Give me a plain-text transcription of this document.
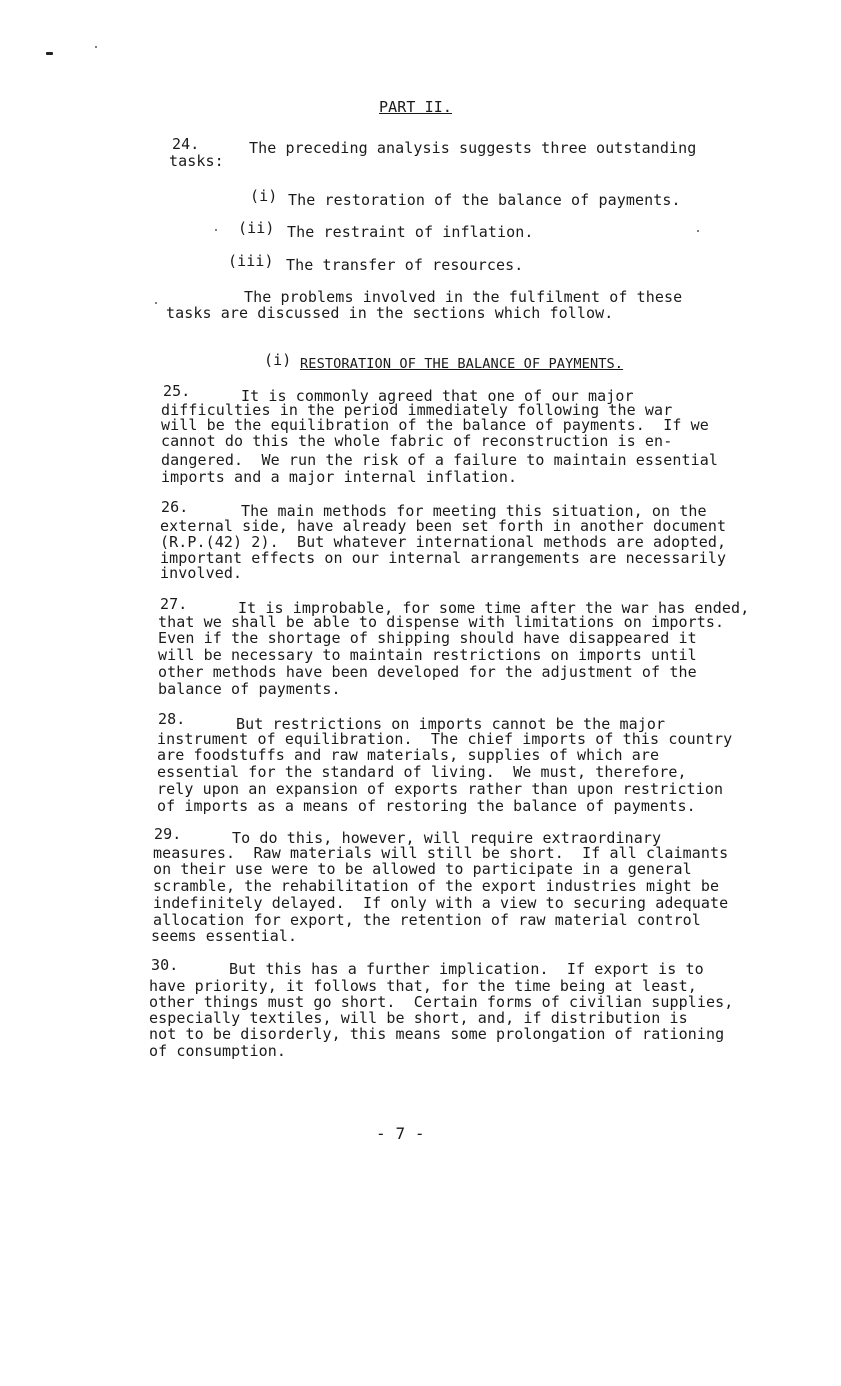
PART II.
24.	The preceding analysis suggests three outstanding
tasks:
(i) The restoration of the balance of payments.
(ii) The restraint of inflation.
(iii) The transfer of resources.
The problems involved in the fulfilment of these
tasks are discussed in the sections which follow.
(i) RESTORATION OF THE BALANCE OF PAYMENTS.
25.	It is commonly agreed that one of our major
difficulties in the period immediately following the war
will be the equilibration of the balance of payments.  If we
cannot do this the whole fabric of reconstruction is en-
dangered.  We run the risk of a failure to maintain essential
imports and a major internal inflation.
26.	The main methods for meeting this situation, on the
external side, have already been set forth in another document
(R.P.(42) 2).  But whatever international methods are adopted,
important effects on our internal arrangements are necessarily
involved.
27.	It is improbable, for some time after the war has ended,
that we shall be able to dispense with limitations on imports.
Even if the shortage of shipping should have disappeared it
will be necessary to maintain restrictions on imports until
other methods have been developed for the adjustment of the
balance of payments.
28.	But restrictions on imports cannot be the major
instrument of equilibration.  The chief imports of this country
are foodstuffs and raw materials, supplies of which are
essential for the standard of living.  We must, therefore,
rely upon an expansion of exports rather than upon restriction
of imports as a means of restoring the balance of payments.
29.	To do this, however, will require extraordinary
measures.  Raw materials will still be short.  If all claimants
on their use were to be allowed to participate in a general
scramble, the rehabilitation of the export industries might be
indefinitely delayed.  If only with a view to securing adequate
allocation for export, the retention of raw material control
seems essential.
30.	But this has a further implication.  If export is to
have priority, it follows that, for the time being at least,
other things must go short.  Certain forms of civilian supplies,
especially textiles, will be short, and, if distribution is
not to be disorderly, this means some prolongation of rationing
of consumption.
- 7 -
